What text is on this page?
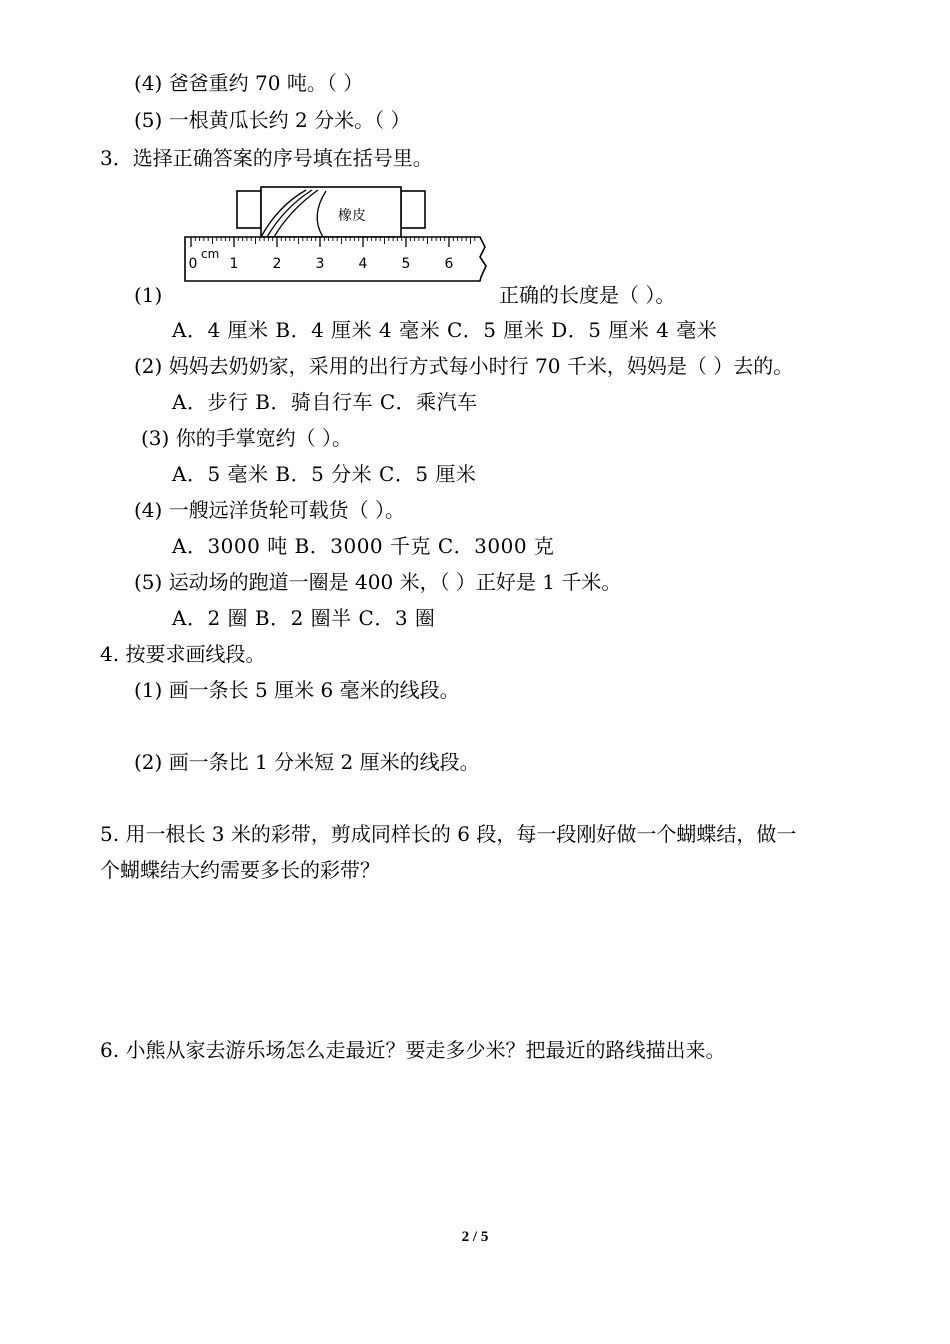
(4) 爸爸重约 70 吨。（ ）

(5) 一根黄瓜长约 2 分米。（ ）

3．选择正确答案的序号填在括号里。

橡皮
cm
0 1 2 3 4 5 6

(1)	正确的长度是（ ）。

A．4 厘米 B．4 厘米 4 毫米 C．5 厘米 D．5 厘米 4 毫米

(2) 妈妈去奶奶家，采用的出行方式每小时行 70 千米，妈妈是（ ）去的。

A．步行 B．骑自行车 C．乘汽车

(3) 你的手掌宽约（ ）。

A．5 毫米 B．5 分米 C．5 厘米

(4) 一艘远洋货轮可载货（ ）。

A．3000 吨 B．3000 千克 C．3000 克

(5) 运动场的跑道一圈是 400 米，（ ）正好是 1 千米。

A．2 圈 B．2 圈半 C．3 圈

4. 按要求画线段。

(1) 画一条长 5 厘米 6 毫米的线段。

(2) 画一条比 1 分米短 2 厘米的线段。

5. 用一根长 3 米的彩带，剪成同样长的 6 段，每一段刚好做一个蝴蝶结，做一

个蝴蝶结大约需要多长的彩带？

6. 小熊从家去游乐场怎么走最近？要走多少米？把最近的路线描出来。

2 / 5
